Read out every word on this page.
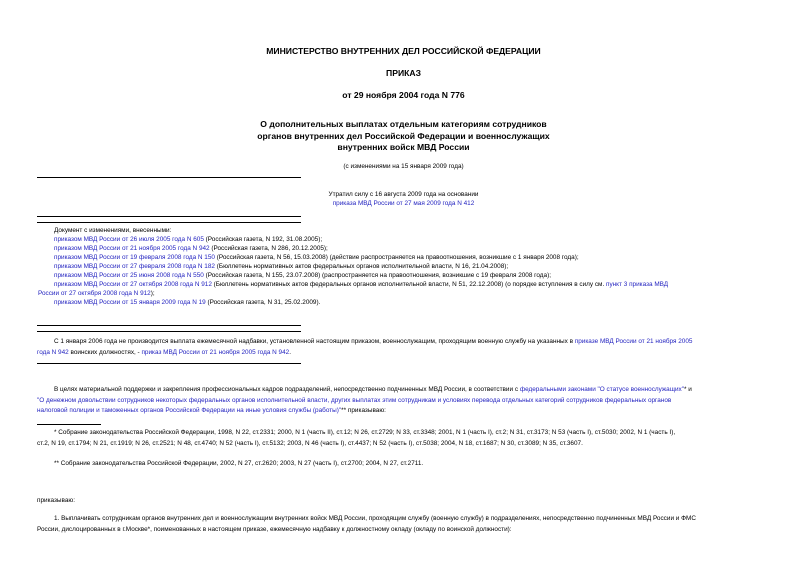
МИНИСТЕРСТВО ВНУТРЕННИХ ДЕЛ РОССИЙСКОЙ ФЕДЕРАЦИИ
ПРИКАЗ
от 29 ноября 2004 года N 776
О дополнительных выплатах отдельным категориям сотрудников
органов внутренних дел Российской Федерации и военнослужащих
внутренних войск МВД России
(с изменениями на 15 января 2009 года)
Утратил силу с 16 августа 2009 года на основании
приказа МВД России от 27 мая 2009 года N 412
Документ с изменениями, внесенными:
приказом МВД России от 26 июля 2005 года N 605 (Российская газета, N 192, 31.08.2005);
приказом МВД России от 21 ноября 2005 года N 942 (Российская газета, N 286, 20.12.2005);
приказом МВД России от 19 февраля 2008 года N 150 (Российская газета, N 56, 15.03.2008) (действие распространяется на правоотношения, возникшие с 1 января 2008 года);
приказом МВД России от 27 февраля 2008 года N 182 (Бюллетень нормативных актов федеральных органов исполнительной власти, N 16, 21.04.2008);
приказом МВД России от 25 июня 2008 года N 550 (Российская газета, N 155, 23.07.2008) (распространяется на правоотношения, возникшие с 19 февраля 2008 года);
приказом МВД России от 27 октября 2008 года N 912 (Бюллетень нормативных актов федеральных органов исполнительной власти, N 51, 22.12.2008) (о порядке вступления в силу см. пункт 3 приказа МВД
России от 27 октября 2008 года N 912);
приказом МВД России от 15 января 2009 года N 19 (Российская газета, N 31, 25.02.2009).
С 1 января 2006 года не производится выплата ежемесячной надбавки, установленной настоящим приказом, военнослужащим, проходящим военную службу на указанных в приказе МВД России от 21 ноября 2005
года N 942 воинских должностях, - приказ МВД России от 21 ноября 2005 года N 942.
В целях материальной поддержки и закрепления профессиональных кадров подразделений, непосредственно подчиненных МВД России, в соответствии с федеральными законами "О статусе военнослужащих"* и
"О денежном довольствии сотрудников некоторых федеральных органов исполнительной власти, других выплатах этим сотрудникам и условиях перевода отдельных категорий сотрудников федеральных органов
налоговой полиции и таможенных органов Российской Федерации на иные условия службы (работы)"** приказываю:
* Собрание законодательства Российской Федерации, 1998, N 22, ст.2331; 2000, N 1 (часть II), ст.12; N 26, ст.2729; N 33, ст.3348; 2001, N 1 (часть I), ст.2; N 31, ст.3173; N 53 (часть I), ст.5030; 2002, N 1 (часть I),
ст.2, N 19, ст.1794; N 21, ст.1919; N 26, ст.2521; N 48, ст.4740; N 52 (часть I), ст.5132; 2003, N 46 (часть I), ст.4437; N 52 (часть I), ст.5038; 2004, N 18, ст.1687; N 30, ст.3089; N 35, ст.3607.
** Собрание законодательства Российской Федерации, 2002, N 27, ст.2620; 2003, N 27 (часть I), ст.2700; 2004, N 27, ст.2711.
приказываю:
1. Выплачивать сотрудникам органов внутренних дел и военнослужащим внутренних войск МВД России, проходящим службу (военную службу) в подразделениях, непосредственно подчиненных МВД России и ФМС
России, дислоцированных в г.Москве*, поименованных в настоящем приказе, ежемесячную надбавку к должностному окладу (окладу по воинской должности):
